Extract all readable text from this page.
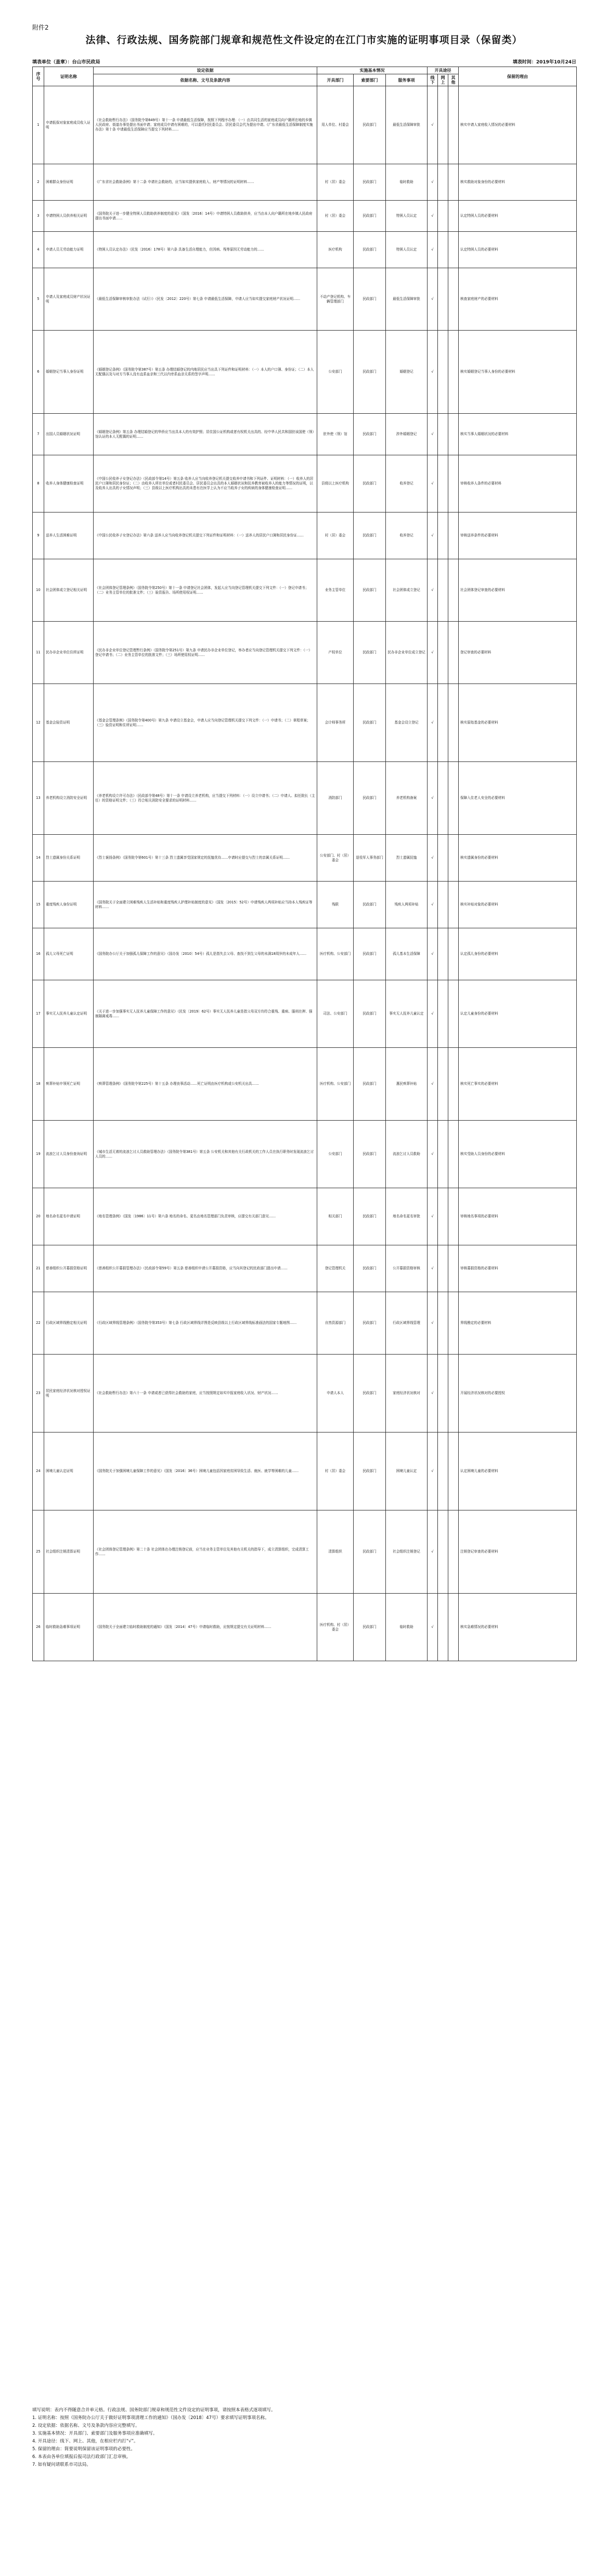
附件2
法律、行政法规、国务院部门规章和规范性文件设定的在江门市实施的证明事项目录（保留类）
填表单位（盖章）：台山市民政局	填表时间：2019年10月24日
序号	证明名称	设定依据	实施基本情况			开具途径			保留的理由
		依据名称、文号及条款内容	开具部门	索要部门	服务事项	线下	网上	其他	
1	申请低保对象家庭成员收入证明	《社会救助暂行办法》（国务院令第649号）第十一条 申请最低生活保障，按照下列程序办理：（一）由共同生活的家庭成员向户籍所在地的乡镇人民政府、街道办事处提出书面申请；家庭成员申请有困难的，可以委托村民委员会、居民委员会代为提出申请。《广东省最低生活保障制度实施办法》第十条 申请最低生活保障应当提交下列材料……	用人单位、村委会	民政部门	最低生活保障审批	√			核实申请人家庭收入情况的必要材料
2	困难群众身份证明	《广东省社会救助条例》第十二条 申请社会救助的，应当如实提供家庭收入、财产等情况的证明材料……	村（居）委会	民政部门	临时救助	√			核实救助对象身份的必要材料
3	申请特困人员供养相关证明	《国务院关于进一步健全特困人员救助供养制度的意见》（国发〔2016〕14号）申请特困人员救助供养，应当由本人向户籍所在地乡镇人民政府提出书面申请……	村（居）委会	民政部门	特困人员认定	√			认定特困人员的必要材料
4	申请人员无劳动能力证明	《特困人员认定办法》（民发〔2016〕178号）第六条 具备生活自理能力，但因病、残等原因无劳动能力的……	医疗机构	民政部门	特困人员认定	√			认定特困人员的必要材料
5	申请人及家庭成员财产状况证明	《最低生活保障审核审批办法（试行）》（民发〔2012〕220号）第七条 申请最低生活保障，申请人应当如实提交家庭财产状况证明……	不动产登记机构、车辆管理部门	民政部门	最低生活保障审批	√			核查家庭财产的必要材料
6	婚姻登记当事人身份证明	《婚姻登记条例》（国务院令第387号）第五条 办理结婚登记的内地居民应当出具下列证件和证明材料：（一）本人的户口簿、身份证；（二）本人无配偶以及与对方当事人没有直系血亲和三代以内旁系血亲关系的签字声明……	公安部门	民政部门	婚姻登记	√			核实婚姻登记当事人身份的必要材料
7	出国人员婚姻状况证明	《婚姻登记条例》第五条 办理结婚登记的华侨应当出具本人的有效护照；居住国公证机构或者有权机关出具的、经中华人民共和国驻该国使（领）馆认证的本人无配偶的证明……	驻外使（领）馆	民政部门	涉外婚姻登记	√			核实当事人婚姻状况的必要材料
8	收养人身体健康检查证明	《中国公民收养子女登记办法》（民政部令第14号）第五条 收养人应当向收养登记机关提交收养申请书和下列证件、证明材料：（一）收养人的居民户口簿和居民身份证；（二）由收养人所在单位或者村民委员会、居民委员会出具的本人婚姻状况和抚养教育被收养人的能力等情况的证明，以及收养人出具的子女情况声明；（三）县级以上医疗机构出具的未患有在医学上认为不应当收养子女的疾病的身体健康检查证明……	县级以上医疗机构	民政部门	收养登记	√			审核收养人条件的必要材料
9	送养人生活困难证明	《中国公民收养子女登记办法》第六条 送养人应当向收养登记机关提交下列证件和证明材料：（一）送养人的居民户口簿和居民身份证……	村（居）委会	民政部门	收养登记	√			审核送养条件的必要材料
10	社会团体成立登记相关证明	《社会团体登记管理条例》（国务院令第250号）第十一条 申请登记社会团体，发起人应当向登记管理机关提交下列文件：（一）登记申请书；（二）业务主管单位的批准文件；（三）验资报告、场所使用权证明……	业务主管单位	民政部门	社会团体成立登记	√			社会团体登记审查的必要材料
11	民办非企业单位住所证明	《民办非企业单位登记管理暂行条例》（国务院令第251号）第九条 申请民办非企业单位登记，举办者应当向登记管理机关提交下列文件：（一）登记申请书；（二）业务主管单位的批准文件；（三）场所使用权证明……	产权单位	民政部门	民办非企业单位成立登记	√			登记审查的必要材料
12	基金会验资证明	《基金会管理条例》（国务院令第400号）第九条 申请设立基金会，申请人应当向登记管理机关提交下列文件：（一）申请书；（二）章程草案；（三）验资证明和住所证明……	会计师事务所	民政部门	基金会设立登记	√			核实原始基金的必要材料
13	养老机构设立消防安全证明	《养老机构设立许可办法》（民政部令第48号）第十一条 申请设立养老机构，应当提交下列材料：（一）设立申请书；（二）申请人、拟任院长（主任）的资格证明文件；（三）符合相关消防安全要求的证明材料……	消防部门	民政部门	养老机构备案	√			保障入住老人安全的必要材料
14	烈士遗属身份关系证明	《烈士褒扬条例》（国务院令第601号）第十三条 烈士遗属享受国家规定的抚恤优待……申请时应提交与烈士的亲属关系证明……	公安部门、村（居）委会	退役军人事务部门	烈士遗属抚恤	√			核实遗属身份的必要材料
15	重度残疾人身份证明	《国务院关于全面建立困难残疾人生活补贴和重度残疾人护理补贴制度的意见》（国发〔2015〕52号）申请残疾人两项补贴应当持本人残疾证等材料……	残联	民政部门	残疾人两项补贴	√			核实补贴对象的必要材料
16	孤儿父母死亡证明	《国务院办公厅关于加强孤儿保障工作的意见》（国办发〔2010〕54号）孤儿是指失去父母、查找不到生父母的未满18周岁的未成年人……	医疗机构、公安部门	民政部门	孤儿基本生活保障	√			认定孤儿身份的必要材料
17	事实无人抚养儿童认定证明	《关于进一步加强事实无人抚养儿童保障工作的意见》（民发〔2019〕62号）事实无人抚养儿童是指父母双方均符合重残、重病、服刑在押、强制隔离戒毒……	司法、公安部门	民政部门	事实无人抚养儿童认定	√			认定儿童身份的必要材料
18	殡葬补贴申领死亡证明	《殡葬管理条例》（国务院令第225号）第十五条 办理丧事活动……死亡证明由医疗机构或公安机关出具……	医疗机构、公安部门	民政部门	惠民殡葬补贴	√			核实死亡事实的必要材料
19	流浪乞讨人员身份查询证明	《城市生活无着的流浪乞讨人员救助管理办法》（国务院令第381号）第五条 公安机关和其他有关行政机关的工作人员在执行职务时发现流浪乞讨人员的……	公安部门	民政部门	流浪乞讨人员救助	√			核实受助人员身份的必要材料
20	地名命名更名申请证明	《地名管理条例》（国发〔1986〕11号）第六条 地名的命名、更名由地名管理部门负责审核，应提交有关部门意见……	相关部门	民政部门	地名命名更名审批	√			审核地名事项的必要材料
21	慈善组织公开募捐资格证明	《慈善组织公开募捐管理办法》（民政部令第59号）第五条 慈善组织申请公开募捐资格，应当向其登记的民政部门提出申请……	登记管理机关	民政部门	公开募捐资格审核	√			审核募捐资格的必要材料
22	行政区域界线勘定相关证明	《行政区域界线管理条例》（国务院令第353号）第七条 行政区域界线详图是反映县级以上行政区域界线标准画法的国家专题地图……	自然资源部门	民政部门	行政区域界线管理	√			界线勘定的必要材料
23	居民家庭经济状况核对授权证明	《社会救助暂行办法》第六十一条 申请或者已获得社会救助的家庭，应当按照规定如实申报家庭收入状况、财产状况……	申请人本人	民政部门	家庭经济状况核对	√			开展经济状况核对的必要授权
24	困境儿童认定证明	《国务院关于加强困境儿童保障工作的意见》（国发〔2016〕36号）困境儿童包括因家庭贫困导致生活、就医、就学等困难的儿童……	村（居）委会	民政部门	困境儿童认定	√			认定困境儿童的必要材料
25	社会组织注销清算证明	《社会团体登记管理条例》第二十条 社会团体在办理注销登记前，应当在业务主管单位及其他有关机关的指导下，成立清算组织，完成清算工作……	清算组织	民政部门	社会组织注销登记	√			注销登记审查的必要材料
26	临时救助急难事项证明	《国务院关于全面建立临时救助制度的通知》（国发〔2014〕47号）申请临时救助，应按规定提交有关证明材料……	医疗机构、村（居）委会	民政部门	临时救助	√			核实急难情况的必要材料
填写说明：表内不得随意合并单元格。行政法规、国务院部门规章和规范性文件设定的证明事项，请按照本表格式逐项填写。
1. 证明名称：按照《国务院办公厅关于做好证明事项清理工作的通知》（国办发〔2018〕47号）要求填写证明事项名称。
2. 设定依据：依据名称、文号及条款内容应完整填写。
3. 实施基本情况：开具部门、索要部门及服务事项应准确填写。
4. 开具途径：线下、网上、其他，在相应栏内打“√”。
5. 保留的理由：简要说明保留该证明事项的必要性。
6. 本表由各单位填报后报司法行政部门汇总审核。
7. 如有疑问请联系市司法局。
